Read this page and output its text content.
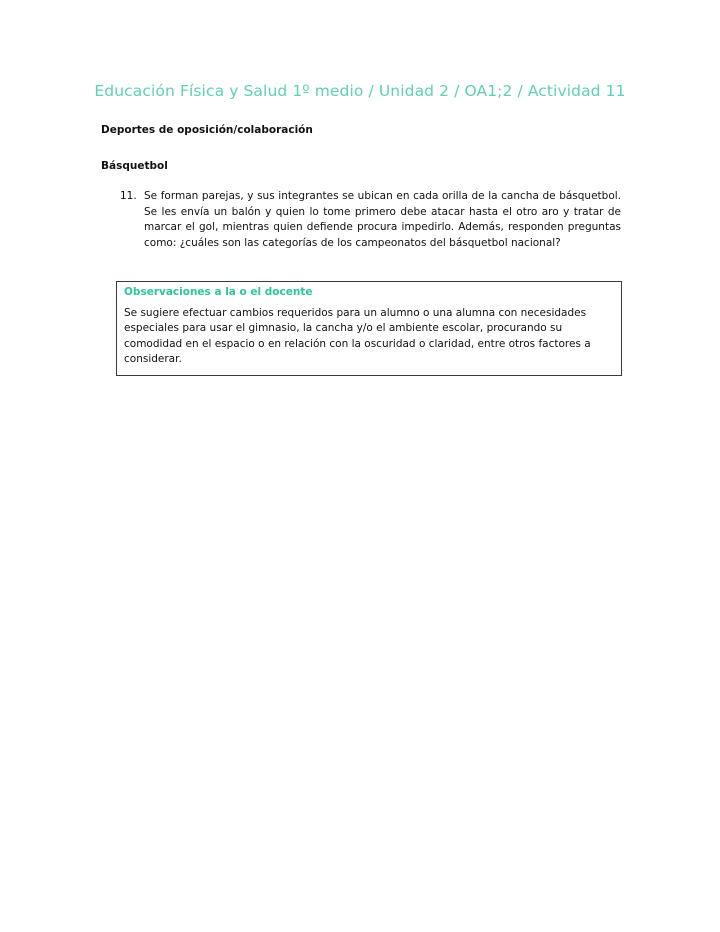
Educación Física y Salud 1º medio / Unidad 2 / OA1;2 / Actividad 11
Deportes de oposición/colaboración
Básquetbol
11. Se forman parejas, y sus integrantes se ubican en cada orilla de la cancha de básquetbol. Se les envía un balón y quien lo tome primero debe atacar hasta el otro aro y tratar de marcar el gol, mientras quien defiende procura impedirlo. Además, responden preguntas como: ¿cuáles son las categorías de los campeonatos del básquetbol nacional?
Observaciones a la o el docente
Se sugiere efectuar cambios requeridos para un alumno o una alumna con necesidades especiales para usar el gimnasio, la cancha y/o el ambiente escolar, procurando su comodidad en el espacio o en relación con la oscuridad o claridad, entre otros factores a considerar.
